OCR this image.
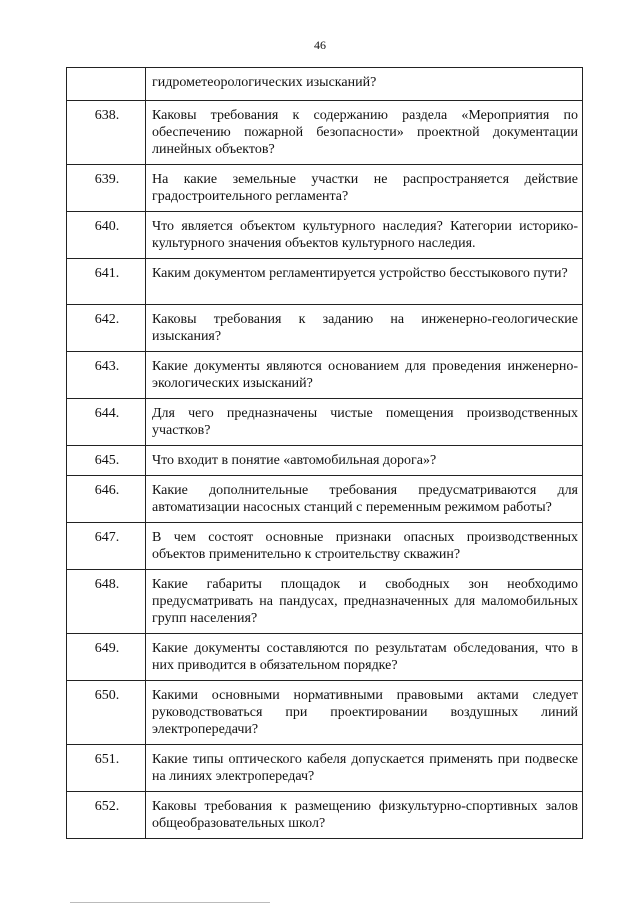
46
	гидрометеорологических изысканий?
638.	Каковы требования к содержанию раздела «Мероприятия по обеспечению пожарной безопасности» проектной документации линейных объектов?
639.	На какие земельные участки не распространяется действие градостроительного регламента?
640.	Что является объектом культурного наследия? Категории историко-культурного значения объектов культурного наследия.
641.	Каким документом регламентируется устройство бесстыкового пути?
642.	Каковы требования к заданию на инженерно-геологические изыскания?
643.	Какие документы являются основанием для проведения инженерно-экологических изысканий?
644.	Для чего предназначены чистые помещения производственных участков?
645.	Что входит в понятие «автомобильная дорога»?
646.	Какие дополнительные требования предусматриваются для автоматизации насосных станций с переменным режимом работы?
647.	В чем состоят основные признаки опасных производственных объектов применительно к строительству скважин?
648.	Какие габариты площадок и свободных зон необходимо предусматривать на пандусах, предназначенных для маломобильных групп населения?
649.	Какие документы составляются по результатам обследования, что в них приводится в обязательном порядке?
650.	Какими основными нормативными правовыми актами следует руководствоваться при проектировании воздушных линий электропередачи?
651.	Какие типы оптического кабеля допускается применять при подвеске на линиях электропередач?
652.	Каковы требования к размещению физкультурно-спортивных залов общеобразовательных школ?
